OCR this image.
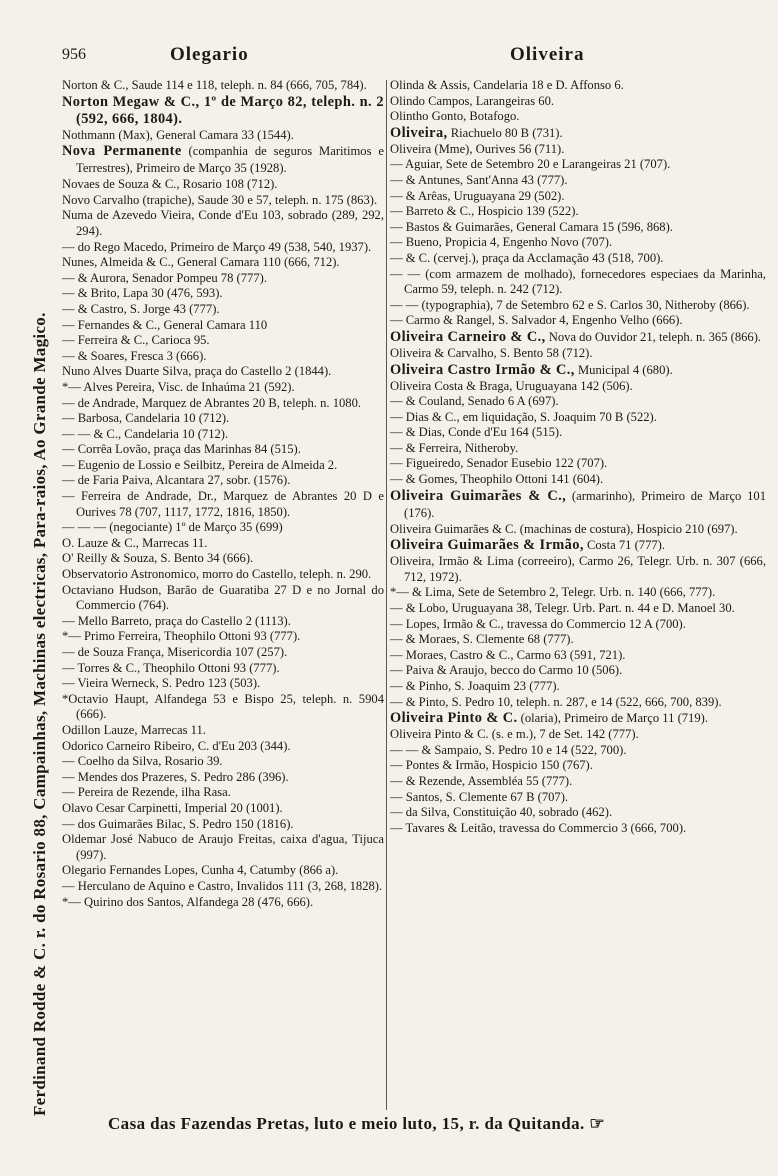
956	Olegario	Oliveira
Ferdinand Rodde & C. r. do Rosario 88, Campainhas, Machinas electricas, Para-raios, Ao Grande Magico.
Norton & C., Saude 114 e 118, teleph. n. 84 (666, 705, 784).
Norton Megaw & C., 1º de Março 82, teleph. n. 2 (592, 666, 1804).
Nothmann (Max), General Camara 33 (1544).
Nova Permanente (companhia de seguros Maritimos e Terrestres), Primeiro de Março 35 (1928).
Novaes de Souza & C., Rosario 108 (712).
Novo Carvalho (trapiche), Saude 30 e 57, teleph. n. 175 (863).
Numa de Azevedo Vieira, Conde d'Eu 103, sobrado (289, 292, 294).
— do Rego Macedo, Primeiro de Março 49 (538, 540, 1937).
Nunes, Almeida & C., General Camara 110 (666, 712).
— & Aurora, Senador Pompeu 78 (777).
— & Brito, Lapa 30 (476, 593).
— & Castro, S. Jorge 43 (777).
— Fernandes & C., General Camara 110
— Ferreira & C., Carioca 95.
— & Soares, Fresca 3 (666).
Nuno Alves Duarte Silva, praça do Castello 2 (1844).
*— Alves Pereira, Visc. de Inhaúma 21 (592).
— de Andrade, Marquez de Abrantes 20 B, teleph. n. 1080.
— Barbosa, Candelaria 10 (712).
— — & C., Candelaria 10 (712).
— Corrêa Lovão, praça das Marinhas 84 (515).
— Eugenio de Lossio e Seilbitz, Pereira de Almeida 2.
— de Faria Paiva, Alcantara 27, sobr. (1576).
— Ferreira de Andrade, Dr., Marquez de Abrantes 20 D e Ourives 78 (707, 1117, 1772, 1816, 1850).
— — — (negociante) 1º de Março 35 (699)
O. Lauze & C., Marrecas 11.
O' Reilly & Souza, S. Bento 34 (666).
Observatorio Astronomico, morro do Castello, teleph. n. 290.
Octaviano Hudson, Barão de Guaratiba 27 D e no Jornal do Commercio (764).
— Mello Barreto, praça do Castello 2 (1113).
*— Primo Ferreira, Theophilo Ottoni 93 (777).
— de Souza França, Misericordia 107 (257).
— Torres & C., Theophilo Ottoni 93 (777).
— Vieira Werneck, S. Pedro 123 (503).
*Octavio Haupt, Alfandega 53 e Bispo 25, teleph. n. 5904 (666).
Odillon Lauze, Marrecas 11.
Odorico Carneiro Ribeiro, C. d'Eu 203 (344).
— Coelho da Silva, Rosario 39.
— Mendes dos Prazeres, S. Pedro 286 (396).
— Pereira de Rezende, ilha Rasa.
Olavo Cesar Carpinetti, Imperial 20 (1001).
— dos Guimarães Bilac, S. Pedro 150 (1816).
Oldemar José Nabuco de Araujo Freitas, caixa d'agua, Tijuca (997).
Olegario Fernandes Lopes, Cunha 4, Catumby (866 a).
— Herculano de Aquino e Castro, Invalidos 111 (3, 268, 1828).
*— Quirino dos Santos, Alfandega 28 (476, 666).
Olinda & Assis, Candelaria 18 e D. Affonso 6.
Olindo Campos, Larangeiras 60.
Olintho Gonto, Botafogo.
Oliveira, Riachuelo 80 B (731).
Oliveira (Mme), Ourives 56 (711).
— Aguiar, Sete de Setembro 20 e Larangeiras 21 (707).
— & Antunes, Sant'Anna 43 (777).
— & Arêas, Uruguayana 29 (502).
— Barreto & C., Hospicio 139 (522).
— Bastos & Guimarães, General Camara 15 (596, 868).
— Bueno, Propicia 4, Engenho Novo (707).
— & C. (cervej.), praça da Acclamação 43 (518, 700).
— — (com armazem de molhado), fornecedores especiaes da Marinha, Carmo 59, teleph. n. 242 (712).
— — (typographia), 7 de Setembro 62 e S. Carlos 30, Nitheroby (866).
— Carmo & Rangel, S. Salvador 4, Engenho Velho (666).
Oliveira Carneiro & C., Nova do Ouvidor 21, teleph. n. 365 (866).
Oliveira & Carvalho, S. Bento 58 (712).
Oliveira Castro Irmão & C., Municipal 4 (680).
Oliveira Costa & Braga, Uruguayana 142 (506).
— & Couland, Senado 6 A (697).
— Dias & C., em liquidação, S. Joaquim 70 B (522).
— & Dias, Conde d'Eu 164 (515).
— & Ferreira, Nitheroby.
— Figueiredo, Senador Eusebio 122 (707).
— & Gomes, Theophilo Ottoni 141 (604).
Oliveira Guimarães & C., (armarinho), Primeiro de Março 101 (176).
Oliveira Guimarães & C. (machinas de costura), Hospicio 210 (697).
Oliveira Guimarães & Irmão, Costa 71 (777).
Oliveira, Irmão & Lima (correeiro), Carmo 26, Telegr. Urb. n. 307 (666, 712, 1972).
*— & Lima, Sete de Setembro 2, Telegr. Urb. n. 140 (666, 777).
— & Lobo, Uruguayana 38, Telegr. Urb. Part. n. 44 e D. Manoel 30.
— Lopes, Irmão & C., travessa do Commercio 12 A (700).
— & Moraes, S. Clemente 68 (777).
— Moraes, Castro & C., Carmo 63 (591, 721).
— Paiva & Araujo, becco do Carmo 10 (506).
— & Pinho, S. Joaquim 23 (777).
— & Pinto, S. Pedro 10, teleph. n. 287, e 14 (522, 666, 700, 839).
Oliveira Pinto & C. (olaria), Primeiro de Março 11 (719).
Oliveira Pinto & C. (s. e m.), 7 de Set. 142 (777).
— — & Sampaio, S. Pedro 10 e 14 (522, 700).
— Pontes & Irmão, Hospicio 150 (767).
— & Rezende, Assembléa 55 (777).
— Santos, S. Clemente 67 B (707).
— da Silva, Constituição 40, sobrado (462).
— Tavares & Leitão, travessa do Commercio 3 (666, 700).
Casa das Fazendas Pretas, luto e meio luto, 15, r. da Quitanda. ☞
